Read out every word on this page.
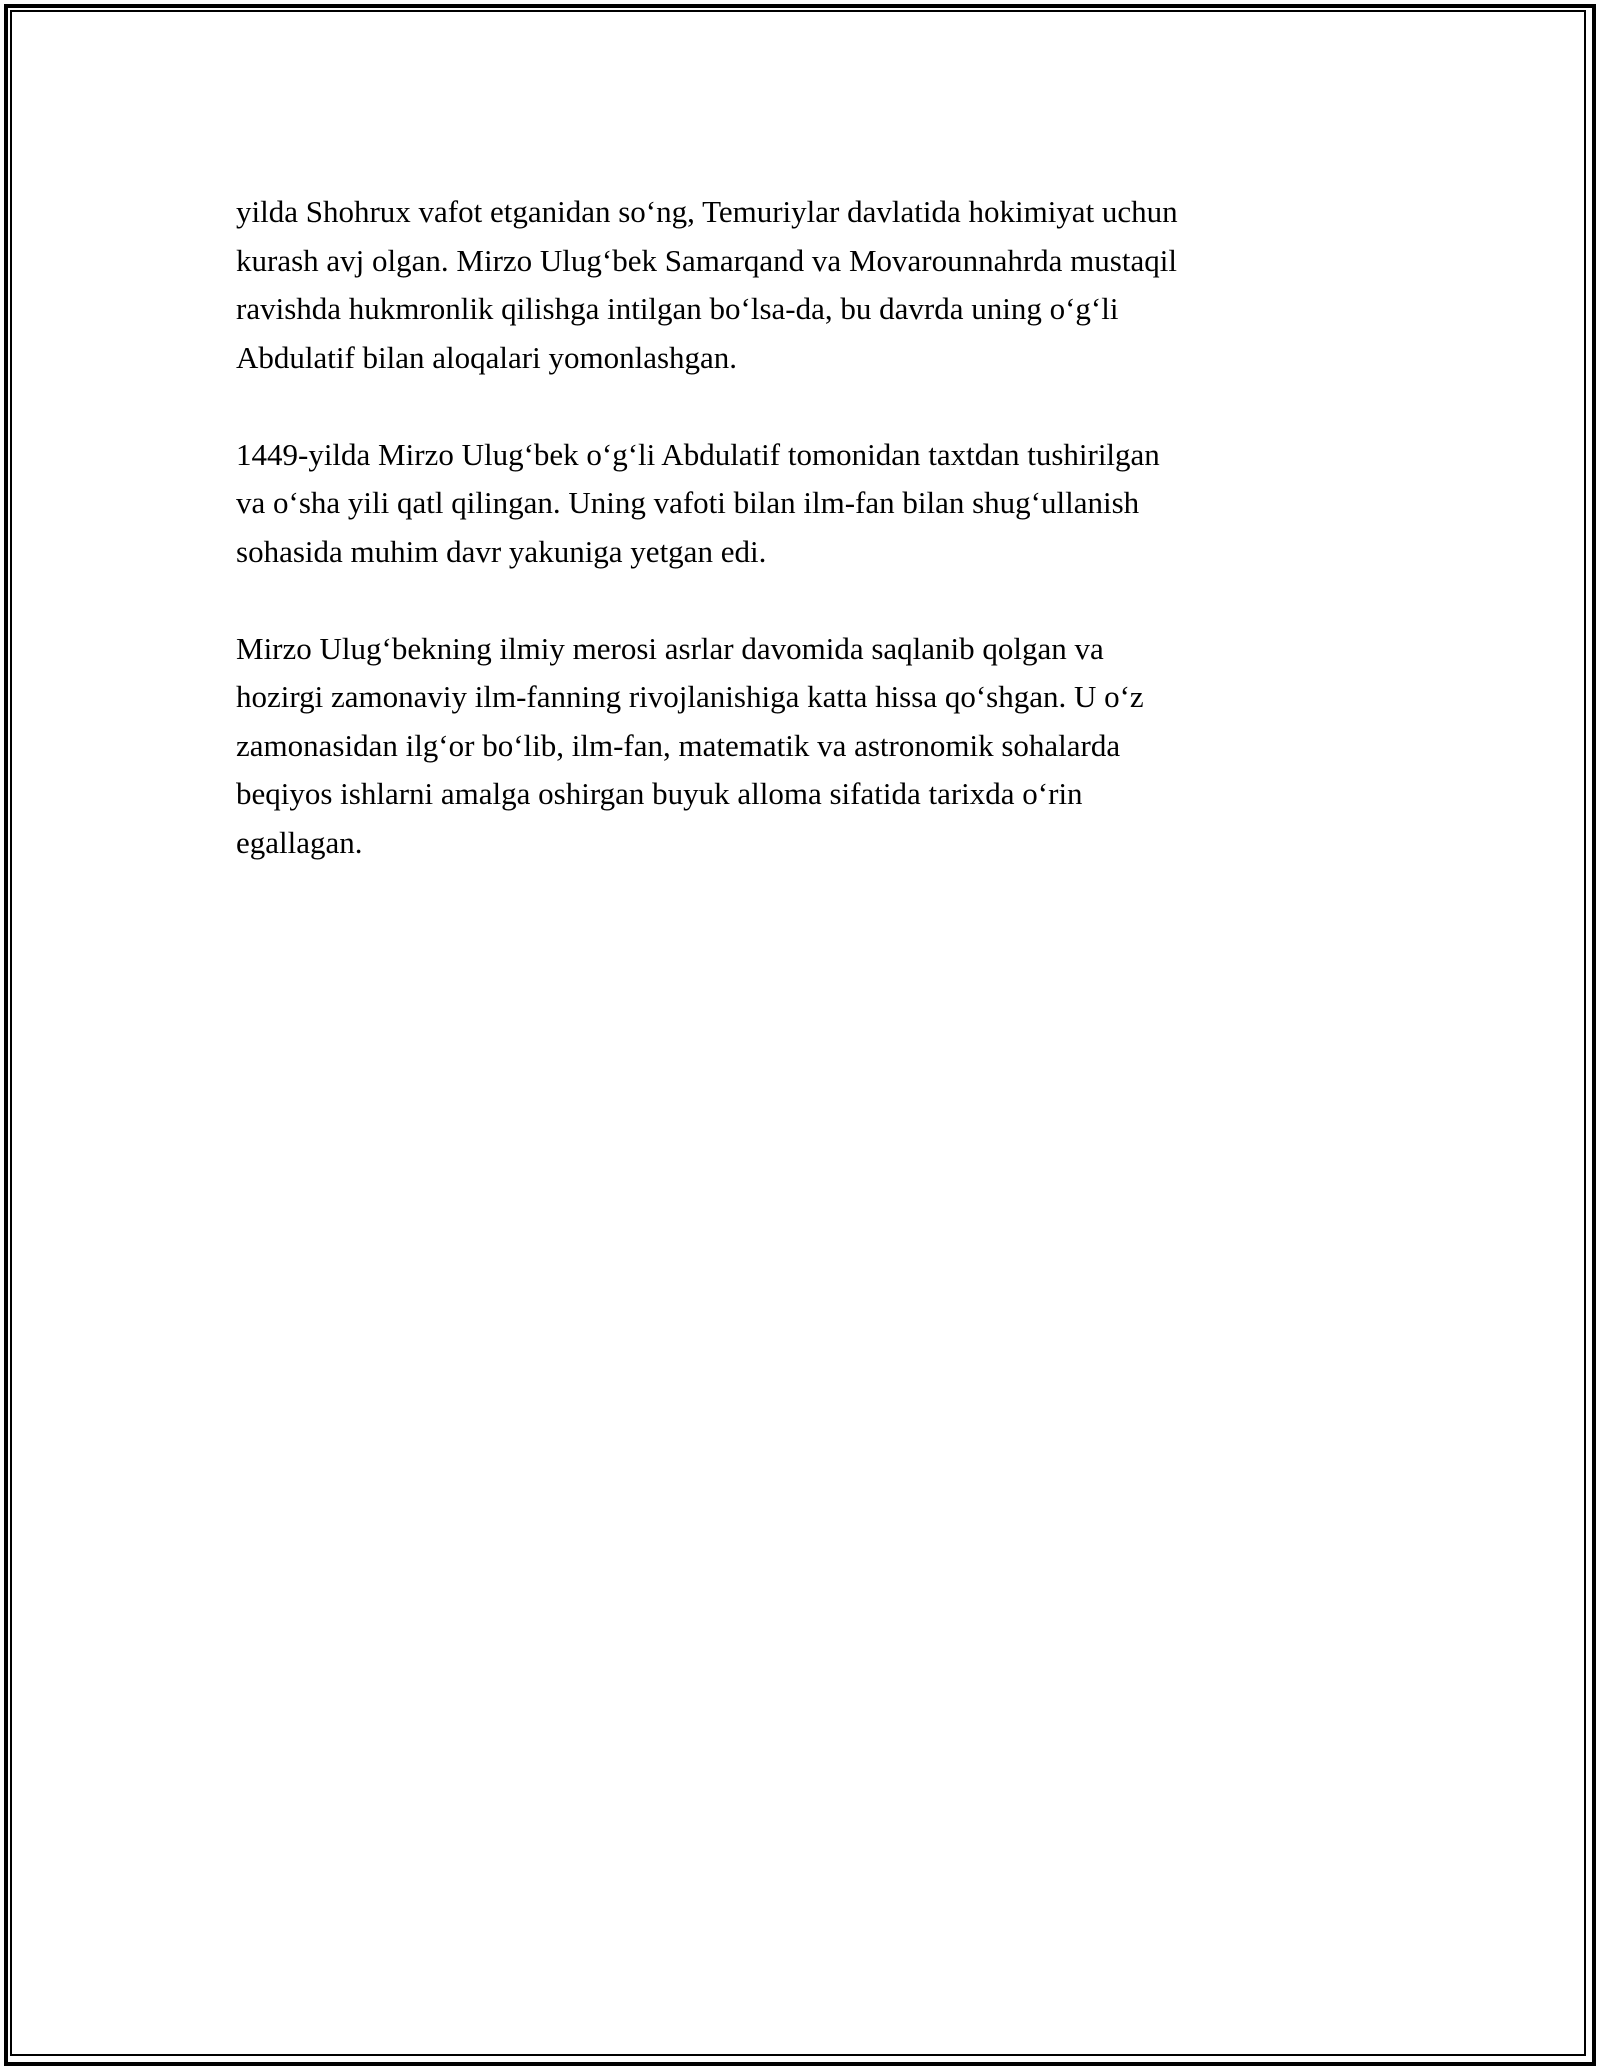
yilda Shohrux vafot etganidan so‘ng, Temuriylar davlatida hokimiyat uchun
kurash avj olgan. Mirzo Ulug‘bek Samarqand va Movarounnahrda mustaqil
ravishda hukmronlik qilishga intilgan bo‘lsa-da, bu davrda uning o‘g‘li
Abdulatif bilan aloqalari yomonlashgan.

1449-yilda Mirzo Ulug‘bek o‘g‘li Abdulatif tomonidan taxtdan tushirilgan
va o‘sha yili qatl qilingan. Uning vafoti bilan ilm-fan bilan shug‘ullanish
sohasida muhim davr yakuniga yetgan edi.

Mirzo Ulug‘bekning ilmiy merosi asrlar davomida saqlanib qolgan va
hozirgi zamonaviy ilm-fanning rivojlanishiga katta hissa qo‘shgan. U o‘z
zamonasidan ilg‘or bo‘lib, ilm-fan, matematik va astronomik sohalarda
beqiyos ishlarni amalga oshirgan buyuk alloma sifatida tarixda o‘rin
egallagan.
